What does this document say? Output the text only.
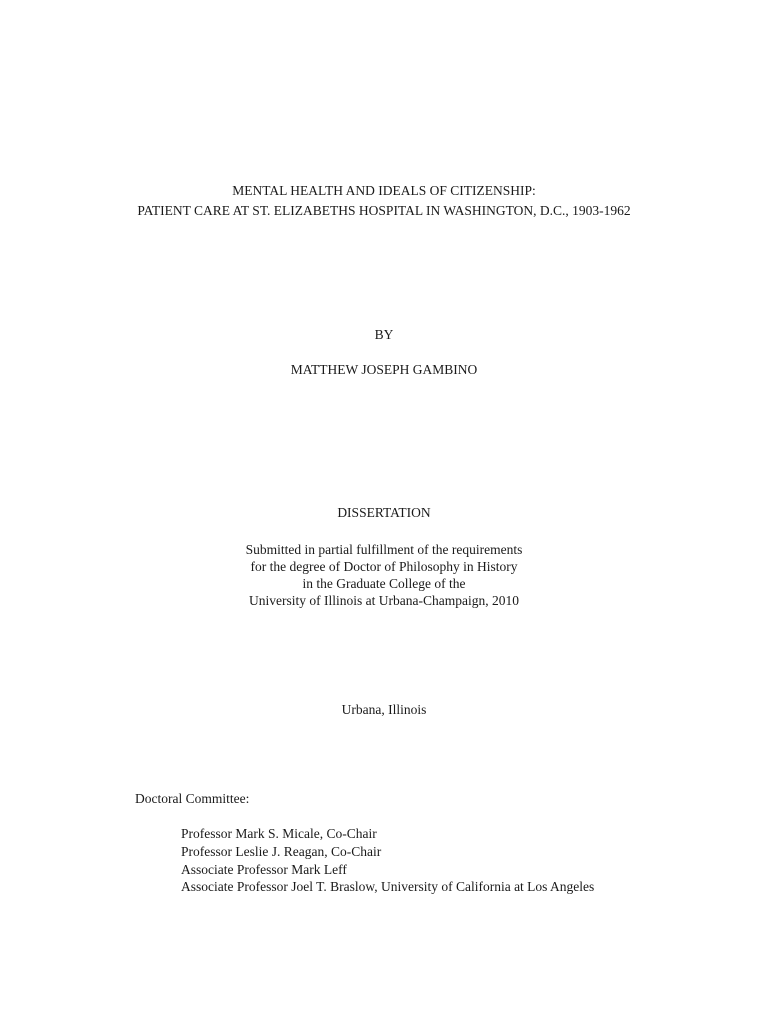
MENTAL HEALTH AND IDEALS OF CITIZENSHIP:

PATIENT CARE AT ST. ELIZABETHS HOSPITAL IN WASHINGTON, D.C., 1903-1962

BY

MATTHEW JOSEPH GAMBINO

DISSERTATION

Submitted in partial fulfillment of the requirements

for the degree of Doctor of Philosophy in History

in the Graduate College of the

University of Illinois at Urbana-Champaign, 2010

Urbana, Illinois

Doctoral Committee:

Professor Mark S. Micale, Co-Chair

Professor Leslie J. Reagan, Co-Chair

Associate Professor Mark Leff

Associate Professor Joel T. Braslow, University of California at Los Angeles
